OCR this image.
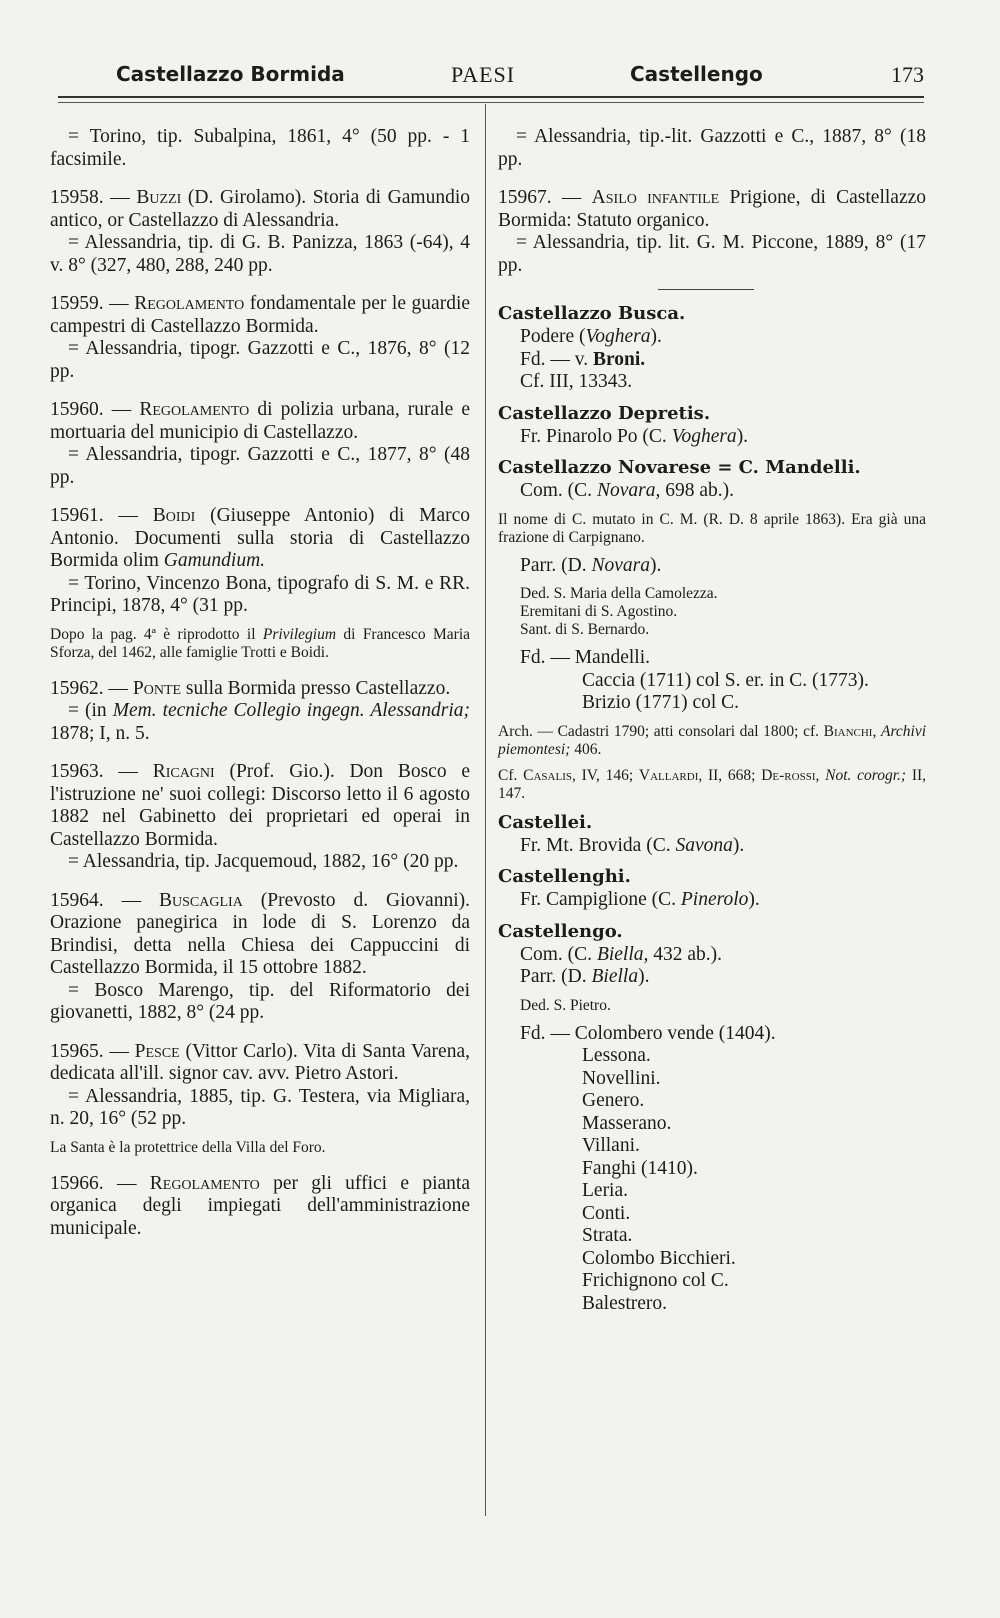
Castellazzo Bormida	PAESI	Castellengo	173

= Torino, tip. Subalpina, 1861, 4° (50 pp. - 1 facsimile.

15958. — Buzzi (D. Girolamo). Storia di Gamundio antico, or Castellazzo di Alessandria.

= Alessandria, tip. di G. B. Panizza, 1863 (-64), 4 v. 8° (327, 480, 288, 240 pp.

15959. — Regolamento fondamentale per le guardie campestri di Castellazzo Bormida.

= Alessandria, tipogr. Gazzotti e C., 1876, 8° (12 pp.

15960. — Regolamento di polizia urbana, rurale e mortuaria del municipio di Castellazzo.

= Alessandria, tipogr. Gazzotti e C., 1877, 8° (48 pp.

15961. — Boidi (Giuseppe Antonio) di Marco Antonio. Documenti sulla storia di Castellazzo Bormida olim Gamundium.

= Torino, Vincenzo Bona, tipografo di S. M. e RR. Principi, 1878, 4° (31 pp.

Dopo la pag. 4ª è riprodotto il Privilegium di Francesco Maria Sforza, del 1462, alle famiglie Trotti e Boidi.

15962. — Ponte sulla Bormida presso Castellazzo.

= (in Mem. tecniche Collegio ingegn. Alessandria; 1878; I, n. 5.

15963. — Ricagni (Prof. Gio.). Don Bosco e l'istruzione ne' suoi collegi: Discorso letto il 6 agosto 1882 nel Gabinetto dei proprietari ed operai in Castellazzo Bormida.

= Alessandria, tip. Jacquemoud, 1882, 16° (20 pp.

15964. — Buscaglia (Prevosto d. Giovanni). Orazione panegirica in lode di S. Lorenzo da Brindisi, detta nella Chiesa dei Cappuccini di Castellazzo Bormida, il 15 ottobre 1882.

= Bosco Marengo, tip. del Riformatorio dei giovanetti, 1882, 8° (24 pp.

15965. — Pesce (Vittor Carlo). Vita di Santa Varena, dedicata all'ill. signor cav. avv. Pietro Astori.

= Alessandria, 1885, tip. G. Testera, via Migliara, n. 20, 16° (52 pp.

La Santa è la protettrice della Villa del Foro.

15966. — Regolamento per gli uffici e pianta organica degli impiegati dell'amministrazione municipale.

= Alessandria, tip.-lit. Gazzotti e C., 1887, 8° (18 pp.

15967. — Asilo infantile Prigione, di Castellazzo Bormida: Statuto organico.

= Alessandria, tip. lit. G. M. Piccone, 1889, 8° (17 pp.

Castellazzo Busca.
Podere (Voghera).
Fd. — v. Broni.
Cf. III, 13343.
Castellazzo Depretis.
Fr. Pinarolo Po (C. Voghera).
Castellazzo Novarese = C. Mandelli.
Com. (C. Novara, 698 ab.).

Il nome di C. mutato in C. M. (R. D. 8 aprile 1863). Era già una frazione di Carpignano.

Parr. (D. Novara).
Ded. S. Maria della Camolezza.
Eremitani di S. Agostino.
Sant. di S. Bernardo.
Fd. — Mandelli.
Caccia (1711) col S. er. in C. (1773).
Brizio (1771) col C.

Arch. — Cadastri 1790; atti consolari dal 1800; cf. Bianchi, Archivi piemontesi; 406.

Cf. Casalis, IV, 146; Vallardi, II, 668; De-rossi, Not. corogr.; II, 147.

Castellei.
Fr. Mt. Brovida (C. Savona).
Castellenghi.
Fr. Campiglione (C. Pinerolo).
Castellengo.
Com. (C. Biella, 432 ab.).
Parr. (D. Biella).
Ded. S. Pietro.
Fd. — Colombero vende (1404).
Lessona.
Novellini.
Genero.
Masserano.
Villani.
Fanghi (1410).
Leria.
Conti.
Strata.
Colombo Bicchieri.
Frichignono col C.
Balestrero.
